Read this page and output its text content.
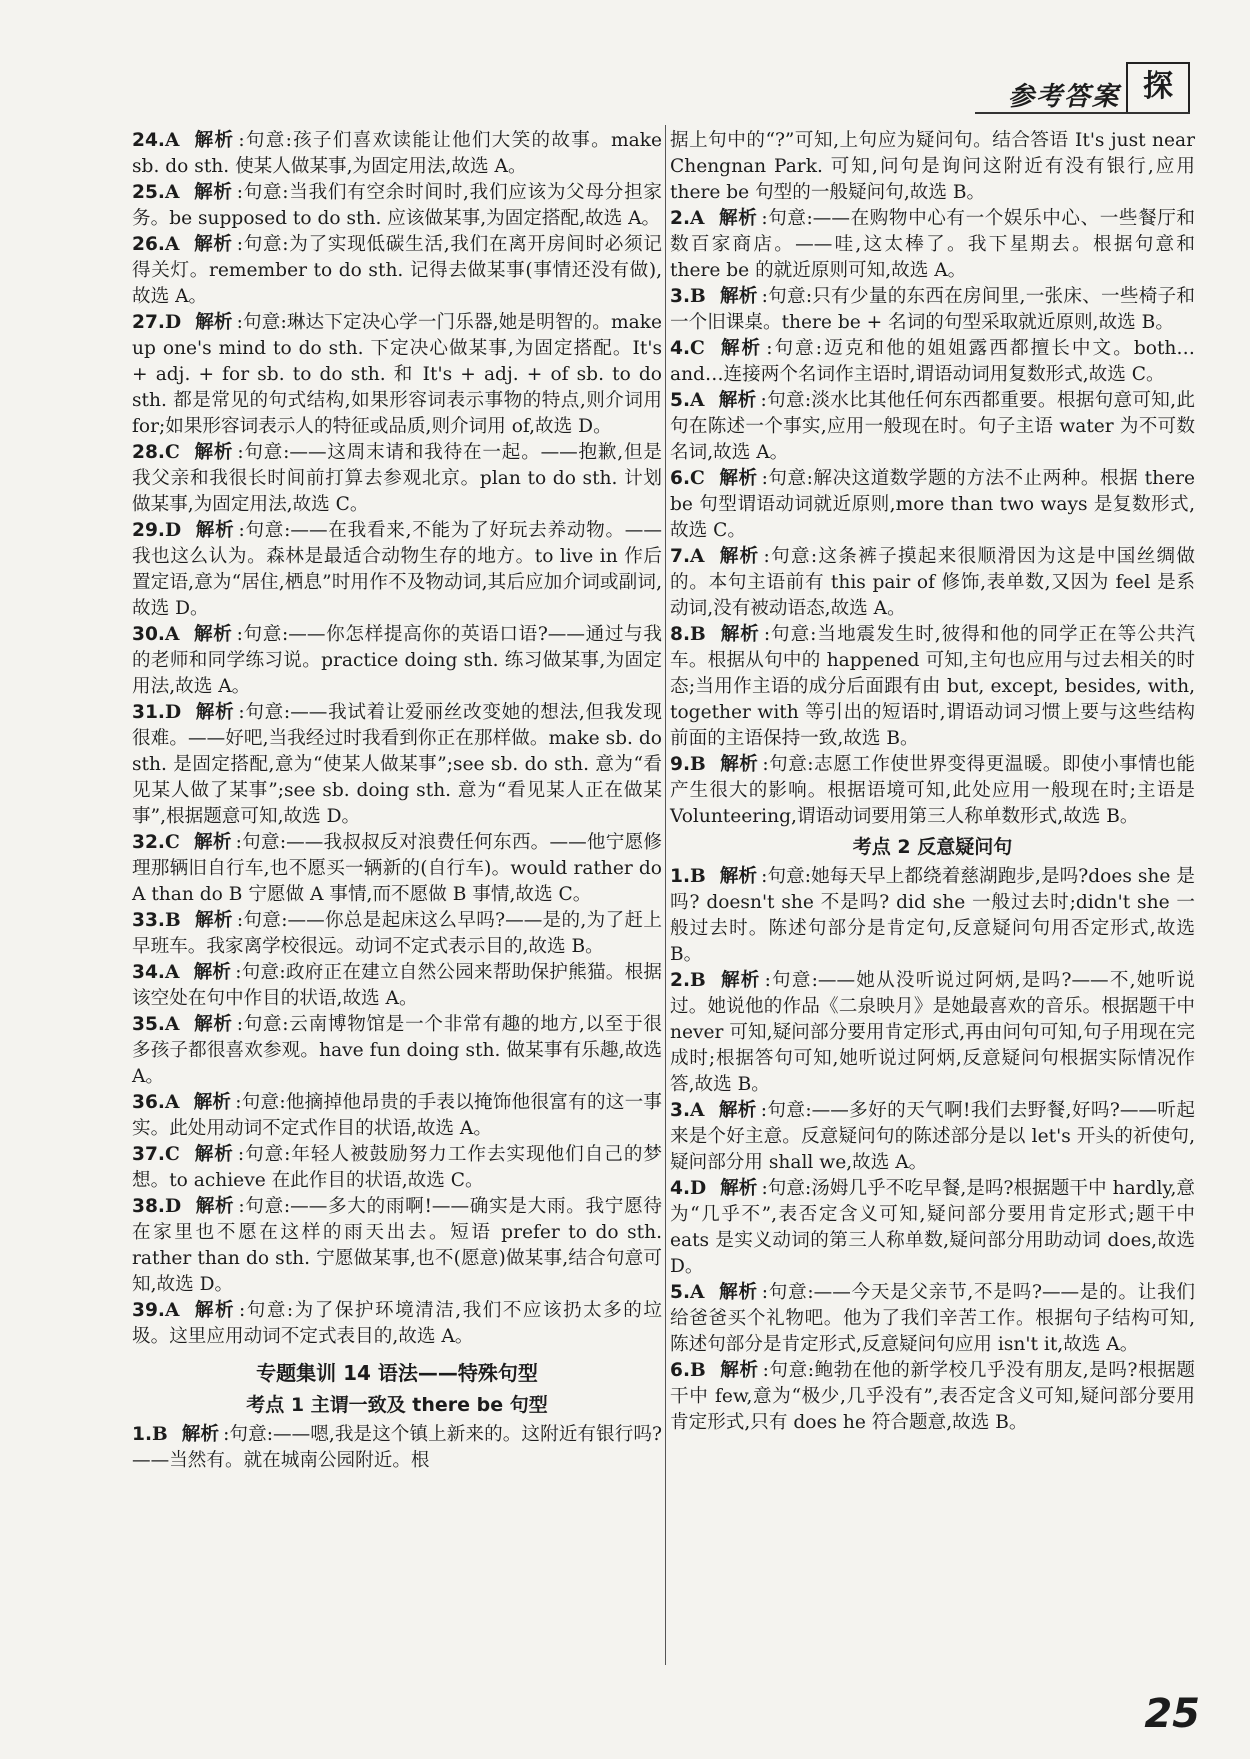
参考答案 探

24.A 解析 :句意:孩子们喜欢读能让他们大笑的故事。make sb. do sth. 使某人做某事,为固定用法,故选 A。

25.A 解析 :句意:当我们有空余时间时,我们应该为父母分担家务。be supposed to do sth. 应该做某事,为固定搭配,故选 A。

26.A 解析 :句意:为了实现低碳生活,我们在离开房间时必须记得关灯。remember to do sth. 记得去做某事(事情还没有做),故选 A。

27.D 解析 :句意:琳达下定决心学一门乐器,她是明智的。make up one's mind to do sth. 下定决心做某事,为固定搭配。It's + adj. + for sb. to do sth. 和 It's + adj. + of sb. to do sth. 都是常见的句式结构,如果形容词表示事物的特点,则介词用 for;如果形容词表示人的特征或品质,则介词用 of,故选 D。

28.C 解析 :句意:——这周末请和我待在一起。——抱歉,但是我父亲和我很长时间前打算去参观北京。plan to do sth. 计划做某事,为固定用法,故选 C。

29.D 解析 :句意:——在我看来,不能为了好玩去养动物。——我也这么认为。森林是最适合动物生存的地方。to live in 作后置定语,意为“居住,栖息”时用作不及物动词,其后应加介词或副词,故选 D。

30.A 解析 :句意:——你怎样提高你的英语口语?——通过与我的老师和同学练习说。practice doing sth. 练习做某事,为固定用法,故选 A。

31.D 解析 :句意:——我试着让爱丽丝改变她的想法,但我发现很难。——好吧,当我经过时我看到你正在那样做。make sb. do sth. 是固定搭配,意为“使某人做某事”;see sb. do sth. 意为“看见某人做了某事”;see sb. doing sth. 意为“看见某人正在做某事”,根据题意可知,故选 D。

32.C 解析 :句意:——我叔叔反对浪费任何东西。——他宁愿修理那辆旧自行车,也不愿买一辆新的(自行车)。would rather do A than do B 宁愿做 A 事情,而不愿做 B 事情,故选 C。

33.B 解析 :句意:——你总是起床这么早吗?——是的,为了赶上早班车。我家离学校很远。动词不定式表示目的,故选 B。

34.A 解析 :句意:政府正在建立自然公园来帮助保护熊猫。根据该空处在句中作目的状语,故选 A。

35.A 解析 :句意:云南博物馆是一个非常有趣的地方,以至于很多孩子都很喜欢参观。have fun doing sth. 做某事有乐趣,故选 A。

36.A 解析 :句意:他摘掉他昂贵的手表以掩饰他很富有的这一事实。此处用动词不定式作目的状语,故选 A。

37.C 解析 :句意:年轻人被鼓励努力工作去实现他们自己的梦想。to achieve 在此作目的状语,故选 C。

38.D 解析 :句意:——多大的雨啊!——确实是大雨。我宁愿待在家里也不愿在这样的雨天出去。短语 prefer to do sth. rather than do sth. 宁愿做某事,也不(愿意)做某事,结合句意可知,故选 D。

39.A 解析 :句意:为了保护环境清洁,我们不应该扔太多的垃圾。这里应用动词不定式表目的,故选 A。

专题集训 14 语法——特殊句型
考点 1 主谓一致及 there be 句型

1.B 解析 :句意:——嗯,我是这个镇上新来的。这附近有银行吗?——当然有。就在城南公园附近。根

据上句中的“?”可知,上句应为疑问句。结合答语 It's just near Chengnan Park. 可知,问句是询问这附近有没有银行,应用 there be 句型的一般疑问句,故选 B。

2.A 解析 :句意:——在购物中心有一个娱乐中心、一些餐厅和数百家商店。——哇,这太棒了。我下星期去。根据句意和 there be 的就近原则可知,故选 A。

3.B 解析 :句意:只有少量的东西在房间里,一张床、一些椅子和一个旧课桌。there be + 名词的句型采取就近原则,故选 B。

4.C 解析 :句意:迈克和他的姐姐露西都擅长中文。both… and…连接两个名词作主语时,谓语动词用复数形式,故选 C。

5.A 解析 :句意:淡水比其他任何东西都重要。根据句意可知,此句在陈述一个事实,应用一般现在时。句子主语 water 为不可数名词,故选 A。

6.C 解析 :句意:解决这道数学题的方法不止两种。根据 there be 句型谓语动词就近原则,more than two ways 是复数形式,故选 C。

7.A 解析 :句意:这条裤子摸起来很顺滑因为这是中国丝绸做的。本句主语前有 this pair of 修饰,表单数,又因为 feel 是系动词,没有被动语态,故选 A。

8.B 解析 :句意:当地震发生时,彼得和他的同学正在等公共汽车。根据从句中的 happened 可知,主句也应用与过去相关的时态;当用作主语的成分后面跟有由 but, except, besides, with, together with 等引出的短语时,谓语动词习惯上要与这些结构前面的主语保持一致,故选 B。

9.B 解析 :句意:志愿工作使世界变得更温暖。即使小事情也能产生很大的影响。根据语境可知,此处应用一般现在时;主语是 Volunteering,谓语动词要用第三人称单数形式,故选 B。

考点 2 反意疑问句

1.B 解析 :句意:她每天早上都绕着慈湖跑步,是吗?does she 是吗? doesn't she 不是吗? did she 一般过去时;didn't she 一般过去时。陈述句部分是肯定句,反意疑问句用否定形式,故选 B。

2.B 解析 :句意:——她从没听说过阿炳,是吗?——不,她听说过。她说他的作品《二泉映月》是她最喜欢的音乐。根据题干中 never 可知,疑问部分要用肯定形式,再由问句可知,句子用现在完成时;根据答句可知,她听说过阿炳,反意疑问句根据实际情况作答,故选 B。

3.A 解析 :句意:——多好的天气啊!我们去野餐,好吗?——听起来是个好主意。反意疑问句的陈述部分是以 let's 开头的祈使句,疑问部分用 shall we,故选 A。

4.D 解析 :句意:汤姆几乎不吃早餐,是吗?根据题干中 hardly,意为“几乎不”,表否定含义可知,疑问部分要用肯定形式;题干中 eats 是实义动词的第三人称单数,疑问部分用助动词 does,故选 D。

5.A 解析 :句意:——今天是父亲节,不是吗?——是的。让我们给爸爸买个礼物吧。他为了我们辛苦工作。根据句子结构可知,陈述句部分是肯定形式,反意疑问句应用 isn't it,故选 A。

6.B 解析 :句意:鲍勃在他的新学校几乎没有朋友,是吗?根据题干中 few,意为“极少,几乎没有”,表否定含义可知,疑问部分要用肯定形式,只有 does he 符合题意,故选 B。

25
